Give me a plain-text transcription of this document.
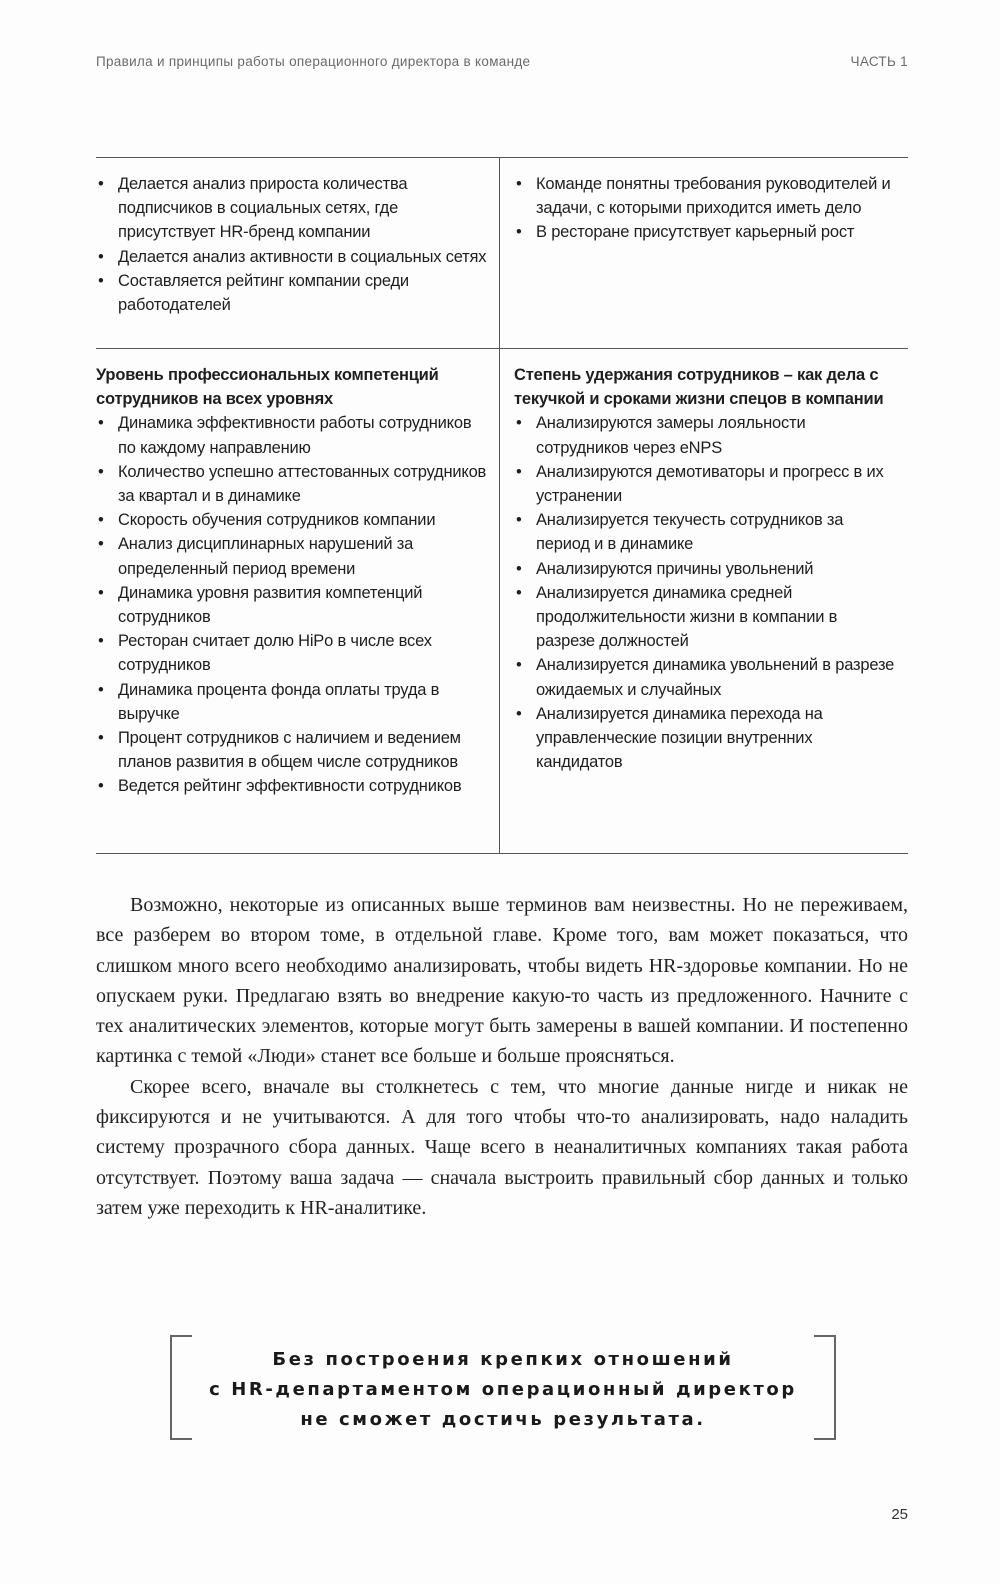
Правила и принципы работы операционного директора в команде	ЧАСТЬ 1
• Делается анализ прироста количества подписчиков в социальных сетях, где присутствует HR-бренд компании
• Делается анализ активности в социальных сетях
• Составляется рейтинг компании среди работодателей
• Команде понятны требования руководителей и задачи, с которыми приходится иметь дело
• В ресторане присутствует карьерный рост
Уровень профессиональных компетенций сотрудников на всех уровнях
• Динамика эффективности работы сотрудников по каждому направлению
• Количество успешно аттестованных сотрудников за квартал и в динамике
• Скорость обучения сотрудников компании
• Анализ дисциплинарных нарушений за определенный период времени
• Динамика уровня развития компетенций сотрудников
• Ресторан считает долю HiPo в числе всех сотрудников
• Динамика процента фонда оплаты труда в выручке
• Процент сотрудников с наличием и ведением планов развития в общем числе сотрудников
• Ведется рейтинг эффективности сотрудников
Степень удержания сотрудников – как дела с текучкой и сроками жизни спецов в компании
• Анализируются замеры лояльности сотрудников через eNPS
• Анализируются демотиваторы и прогресс в их устранении
• Анализируется текучесть сотрудников за период и в динамике
• Анализируются причины увольнений
• Анализируется динамика средней продолжительности жизни в компании в разрезе должностей
• Анализируется динамика увольнений в разрезе ожидаемых и случайных
• Анализируется динамика перехода на управленческие позиции внутренних кандидатов

Возможно, некоторые из описанных выше терминов вам неизвестны. Но не переживаем, все разберем во втором томе, в отдельной главе. Кроме того, вам может показаться, что слишком много всего необходимо анализировать, чтобы видеть HR-здоровье компании. Но не опускаем руки. Предлагаю взять во внедрение какую-то часть из предложенного. Начните с тех аналитических элементов, которые могут быть замерены в вашей компании. И постепенно картинка с темой «Люди» станет все больше и больше проясняться.

Скорее всего, вначале вы столкнетесь с тем, что многие данные нигде и никак не фиксируются и не учитываются. А для того чтобы что-то анализировать, надо наладить систему прозрачного сбора данных. Чаще всего в неаналитичных компаниях такая работа отсутствует. Поэтому ваша задача — сначала выстроить правильный сбор данных и только затем уже переходить к HR-аналитике.

Без построения крепких отношений
с HR-департаментом операционный директор
не сможет достичь результата.
25
